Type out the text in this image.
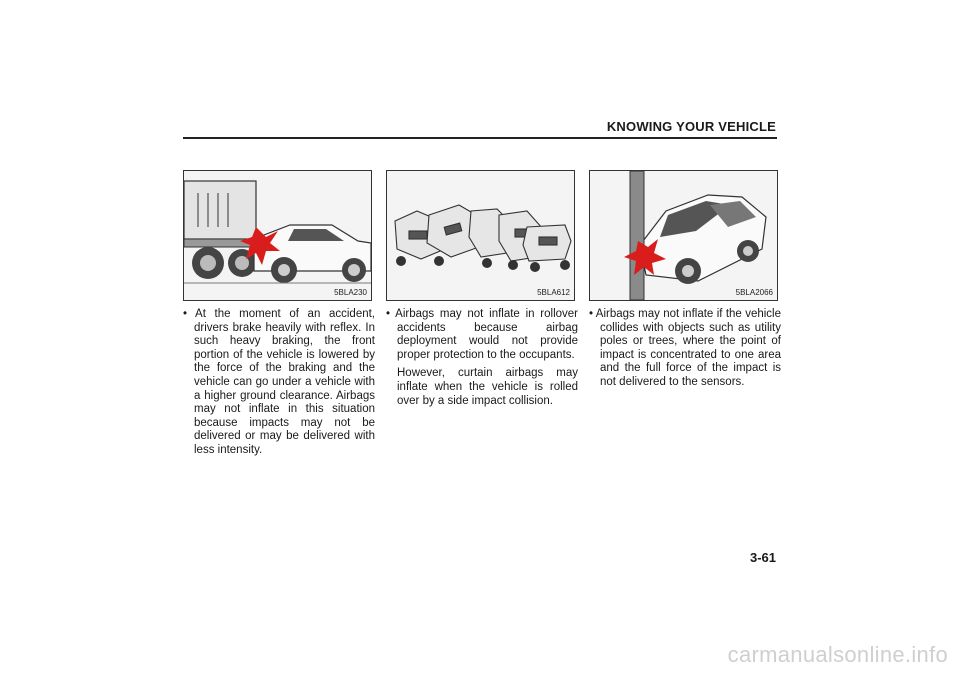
KNOWING YOUR VEHICLE
5BLA230	5BLA612	5BLA2066

• At the moment of an accident, drivers brake heavily with reflex. In such heavy braking, the front portion of the vehicle is lowered by the force of the braking and the vehicle can go under a vehicle with a higher ground clearance. Airbags may not inflate in this situation because impacts may not be delivered or may be delivered with less intensity.

• Airbags may not inflate in rollover accidents because airbag deployment would not provide proper protection to the occupants.

However, curtain airbags may inflate when the vehicle is rolled over by a side impact collision.

• Airbags may not inflate if the vehicle collides with objects such as utility poles or trees, where the point of impact is concentrated to one area and the full force of the impact is not delivered to the sensors.

3-61
carmanualsonline.info
